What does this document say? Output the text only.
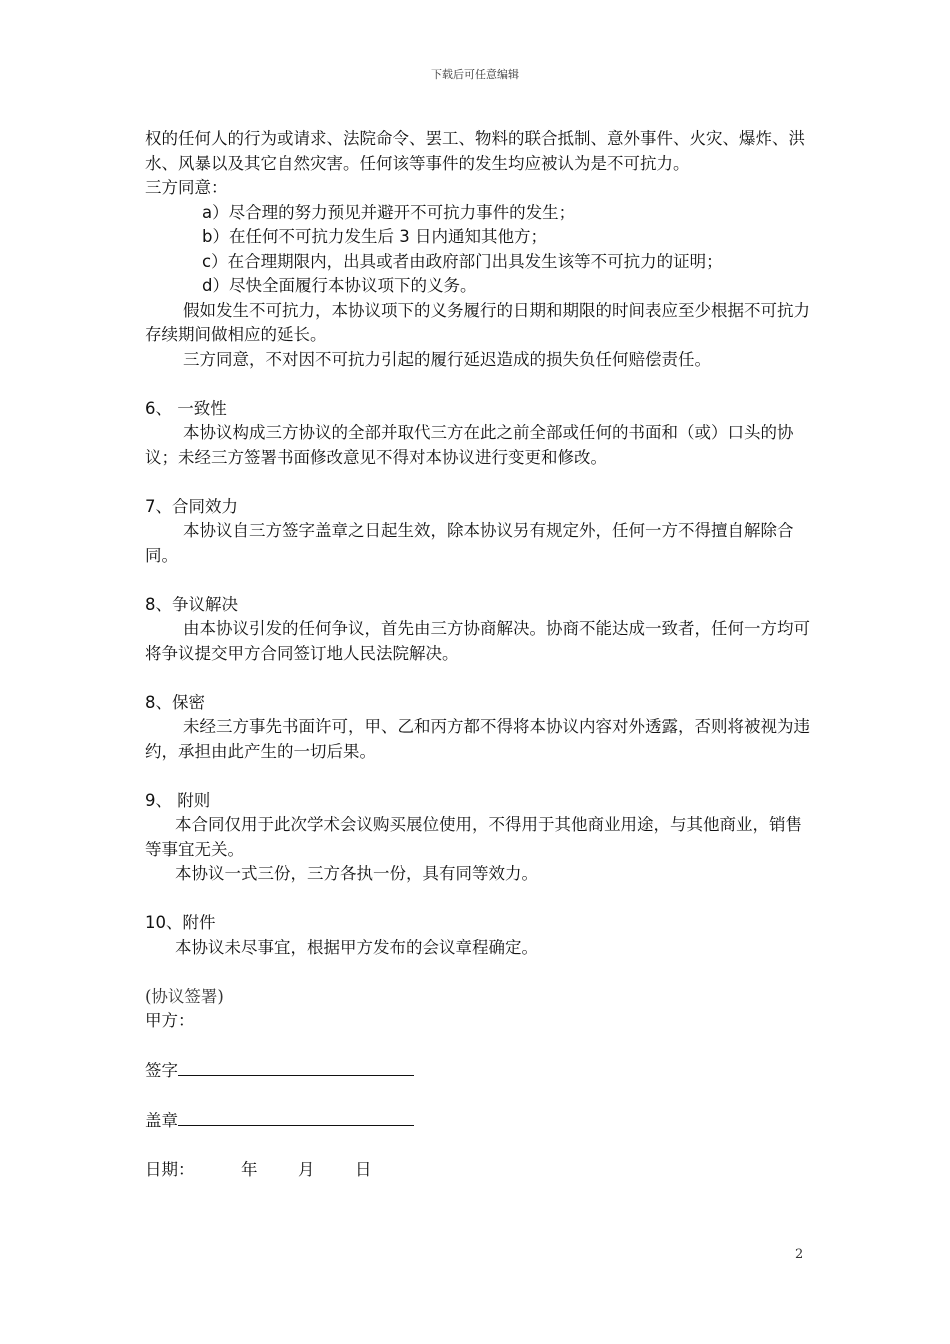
下载后可任意编辑

权的任何人的行为或请求、法院命令、罢工、物料的联合抵制、意外事件、火灾、爆炸、洪水、风暴以及其它自然灾害。任何该等事件的发生均应被认为是不可抗力。

三方同意：

a）尽合理的努力预见并避开不可抗力事件的发生；

b）在任何不可抗力发生后 3 日内通知其他方；

c）在合理期限内，出具或者由政府部门出具发生该等不可抗力的证明；

d）尽快全面履行本协议项下的义务。

假如发生不可抗力，本协议项下的义务履行的日期和期限的时间表应至少根据不可抗力存续期间做相应的延长。

三方同意，不对因不可抗力引起的履行延迟造成的损失负任何赔偿责任。

6、 一致性

本协议构成三方协议的全部并取代三方在此之前全部或任何的书面和（或）口头的协议；未经三方签署书面修改意见不得对本协议进行变更和修改。

7、合同效力

本协议自三方签字盖章之日起生效，除本协议另有规定外，任何一方不得擅自解除合同。

8、争议解决

由本协议引发的任何争议，首先由三方协商解决。协商不能达成一致者，任何一方均可将争议提交甲方合同签订地人民法院解决。

8、保密

未经三方事先书面许可，甲、乙和丙方都不得将本协议内容对外透露，否则将被视为违约，承担由此产生的一切后果。

9、 附则

本合同仅用于此次学术会议购买展位使用，不得用于其他商业用途，与其他商业，销售等事宜无关。

本协议一式三份，三方各执一份，具有同等效力。

10、附件

本协议未尽事宜，根据甲方发布的会议章程确定。

(协议签署)

甲方：

签字

盖章

日期：	年 月 日

2
